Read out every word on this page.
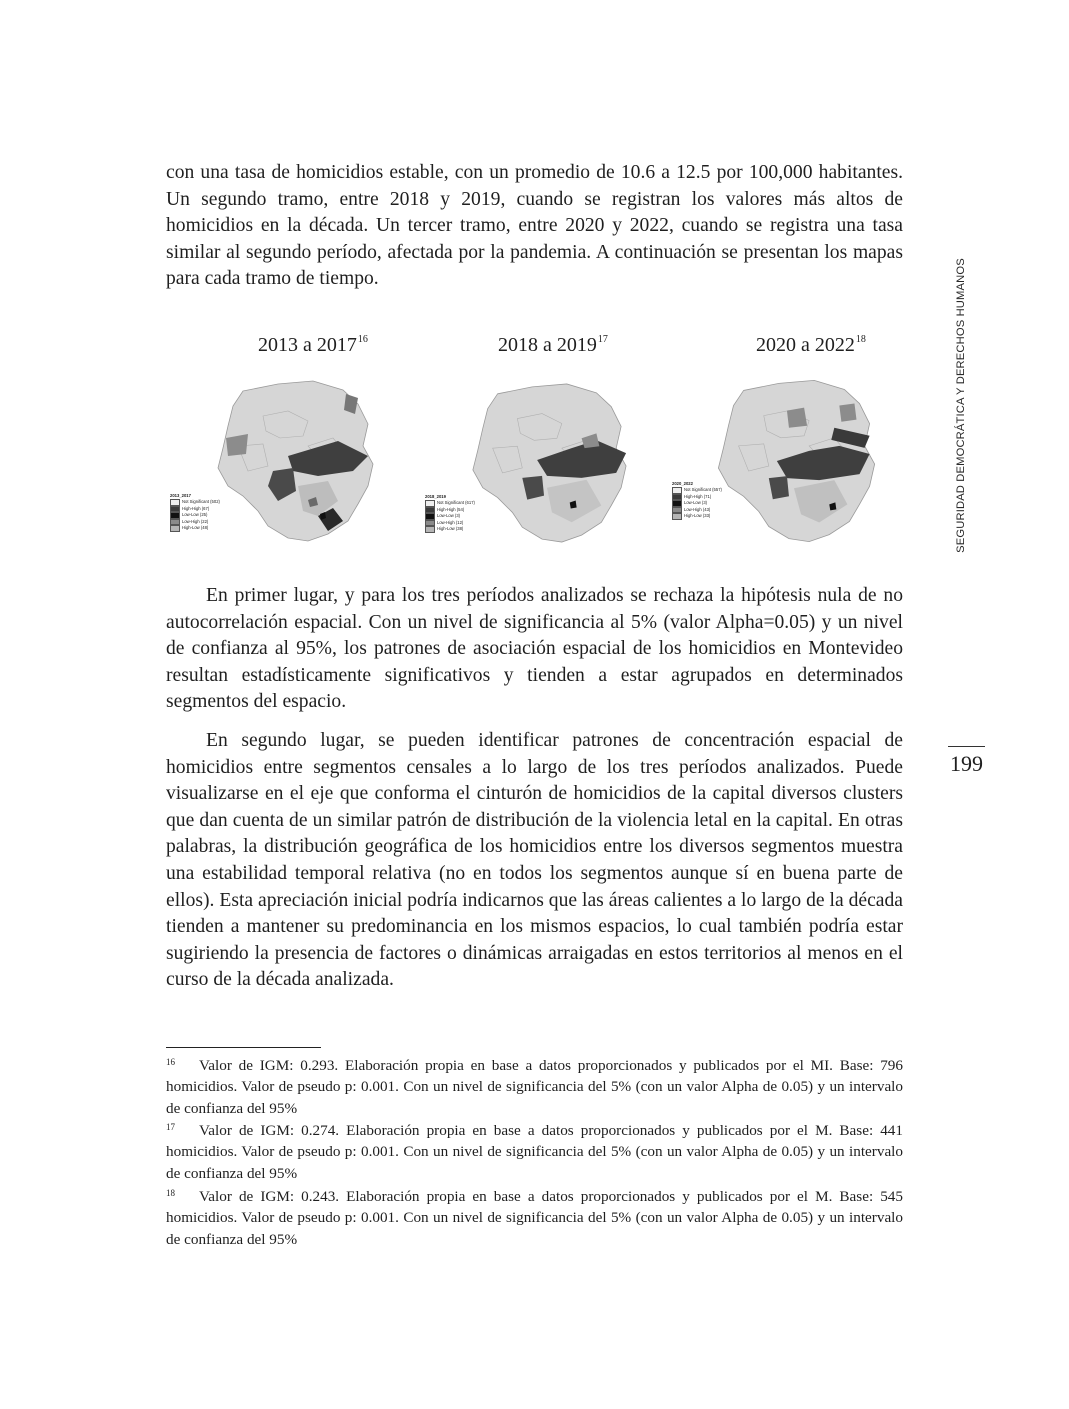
con una tasa de homicidios estable, con un promedio de 10.6 a 12.5 por 100,000 habitantes. Un segundo tramo, entre 2018 y 2019, cuando se registran los valores más altos de homicidios en la década. Un tercer tramo, entre 2020 y 2022, cuando se registra una tasa similar al segundo período, afectada por la pandemia. A continuación se presentan los mapas para cada tramo de tiempo.

2013 a 2017$^{16}$	2018 a 2019$^{17}$	2020 a 2022$^{18}$
2013_2017
Not Significant (502)
High-High (67)
Low-Low (25)
Low-High (22)
High-Low (48)
2018_2019
Not Significant (617)
High-High (54)
Low-Low (3)
Low-High (12)
High-Low (38)
2020_2022
Not Significant (557)
High-High (71)
Low-Low (3)
Low-High (43)
High-Low (33)

En primer lugar, y para los tres períodos analizados se rechaza la hipótesis nula de no autocorrelación espacial. Con un nivel de significancia al 5% (valor Alpha=0.05) y un nivel de confianza al 95%, los patrones de asociación espacial de los homicidios en Montevideo resultan estadísticamente significativos y tienden a estar agrupados en determinados segmentos del espacio.

En segundo lugar, se pueden identificar patrones de concentración espacial de homicidios entre segmentos censales a lo largo de los tres períodos analizados. Puede visualizarse en el eje que conforma el cinturón de homicidios de la capital diversos clusters que dan cuenta de un similar patrón de distribución de la violencia letal en la capital. En otras palabras, la distribución geográfica de los homicidios entre los diversos segmentos muestra una estabilidad temporal relativa (no en todos los segmentos aunque sí en buena parte de ellos). Esta apreciación inicial podría indicarnos que las áreas calientes a lo largo de la década tienden a mantener su predominancia en los mismos espacios, lo cual también podría estar sugiriendo la presencia de factores o dinámicas arraigadas en estos territorios al menos en el curso de la década analizada.

SEGURIDAD DEMOCRÁTICA Y DERECHOS HUMANOS
199

16 Valor de IGM: 0.293. Elaboración propia en base a datos proporcionados y publicados por el MI. Base: 796 homicidios. Valor de pseudo p: 0.001. Con un nivel de significancia del 5% (con un valor Alpha de 0.05) y un intervalo de confianza del 95%

17 Valor de IGM: 0.274. Elaboración propia en base a datos proporcionados y publicados por el M. Base: 441 homicidios. Valor de pseudo p: 0.001. Con un nivel de significancia del 5% (con un valor Alpha de 0.05) y un intervalo de confianza del 95%

18 Valor de IGM: 0.243. Elaboración propia en base a datos proporcionados y publicados por el M. Base: 545 homicidios. Valor de pseudo p: 0.001. Con un nivel de significancia del 5% (con un valor Alpha de 0.05) y un intervalo de confianza del 95%
